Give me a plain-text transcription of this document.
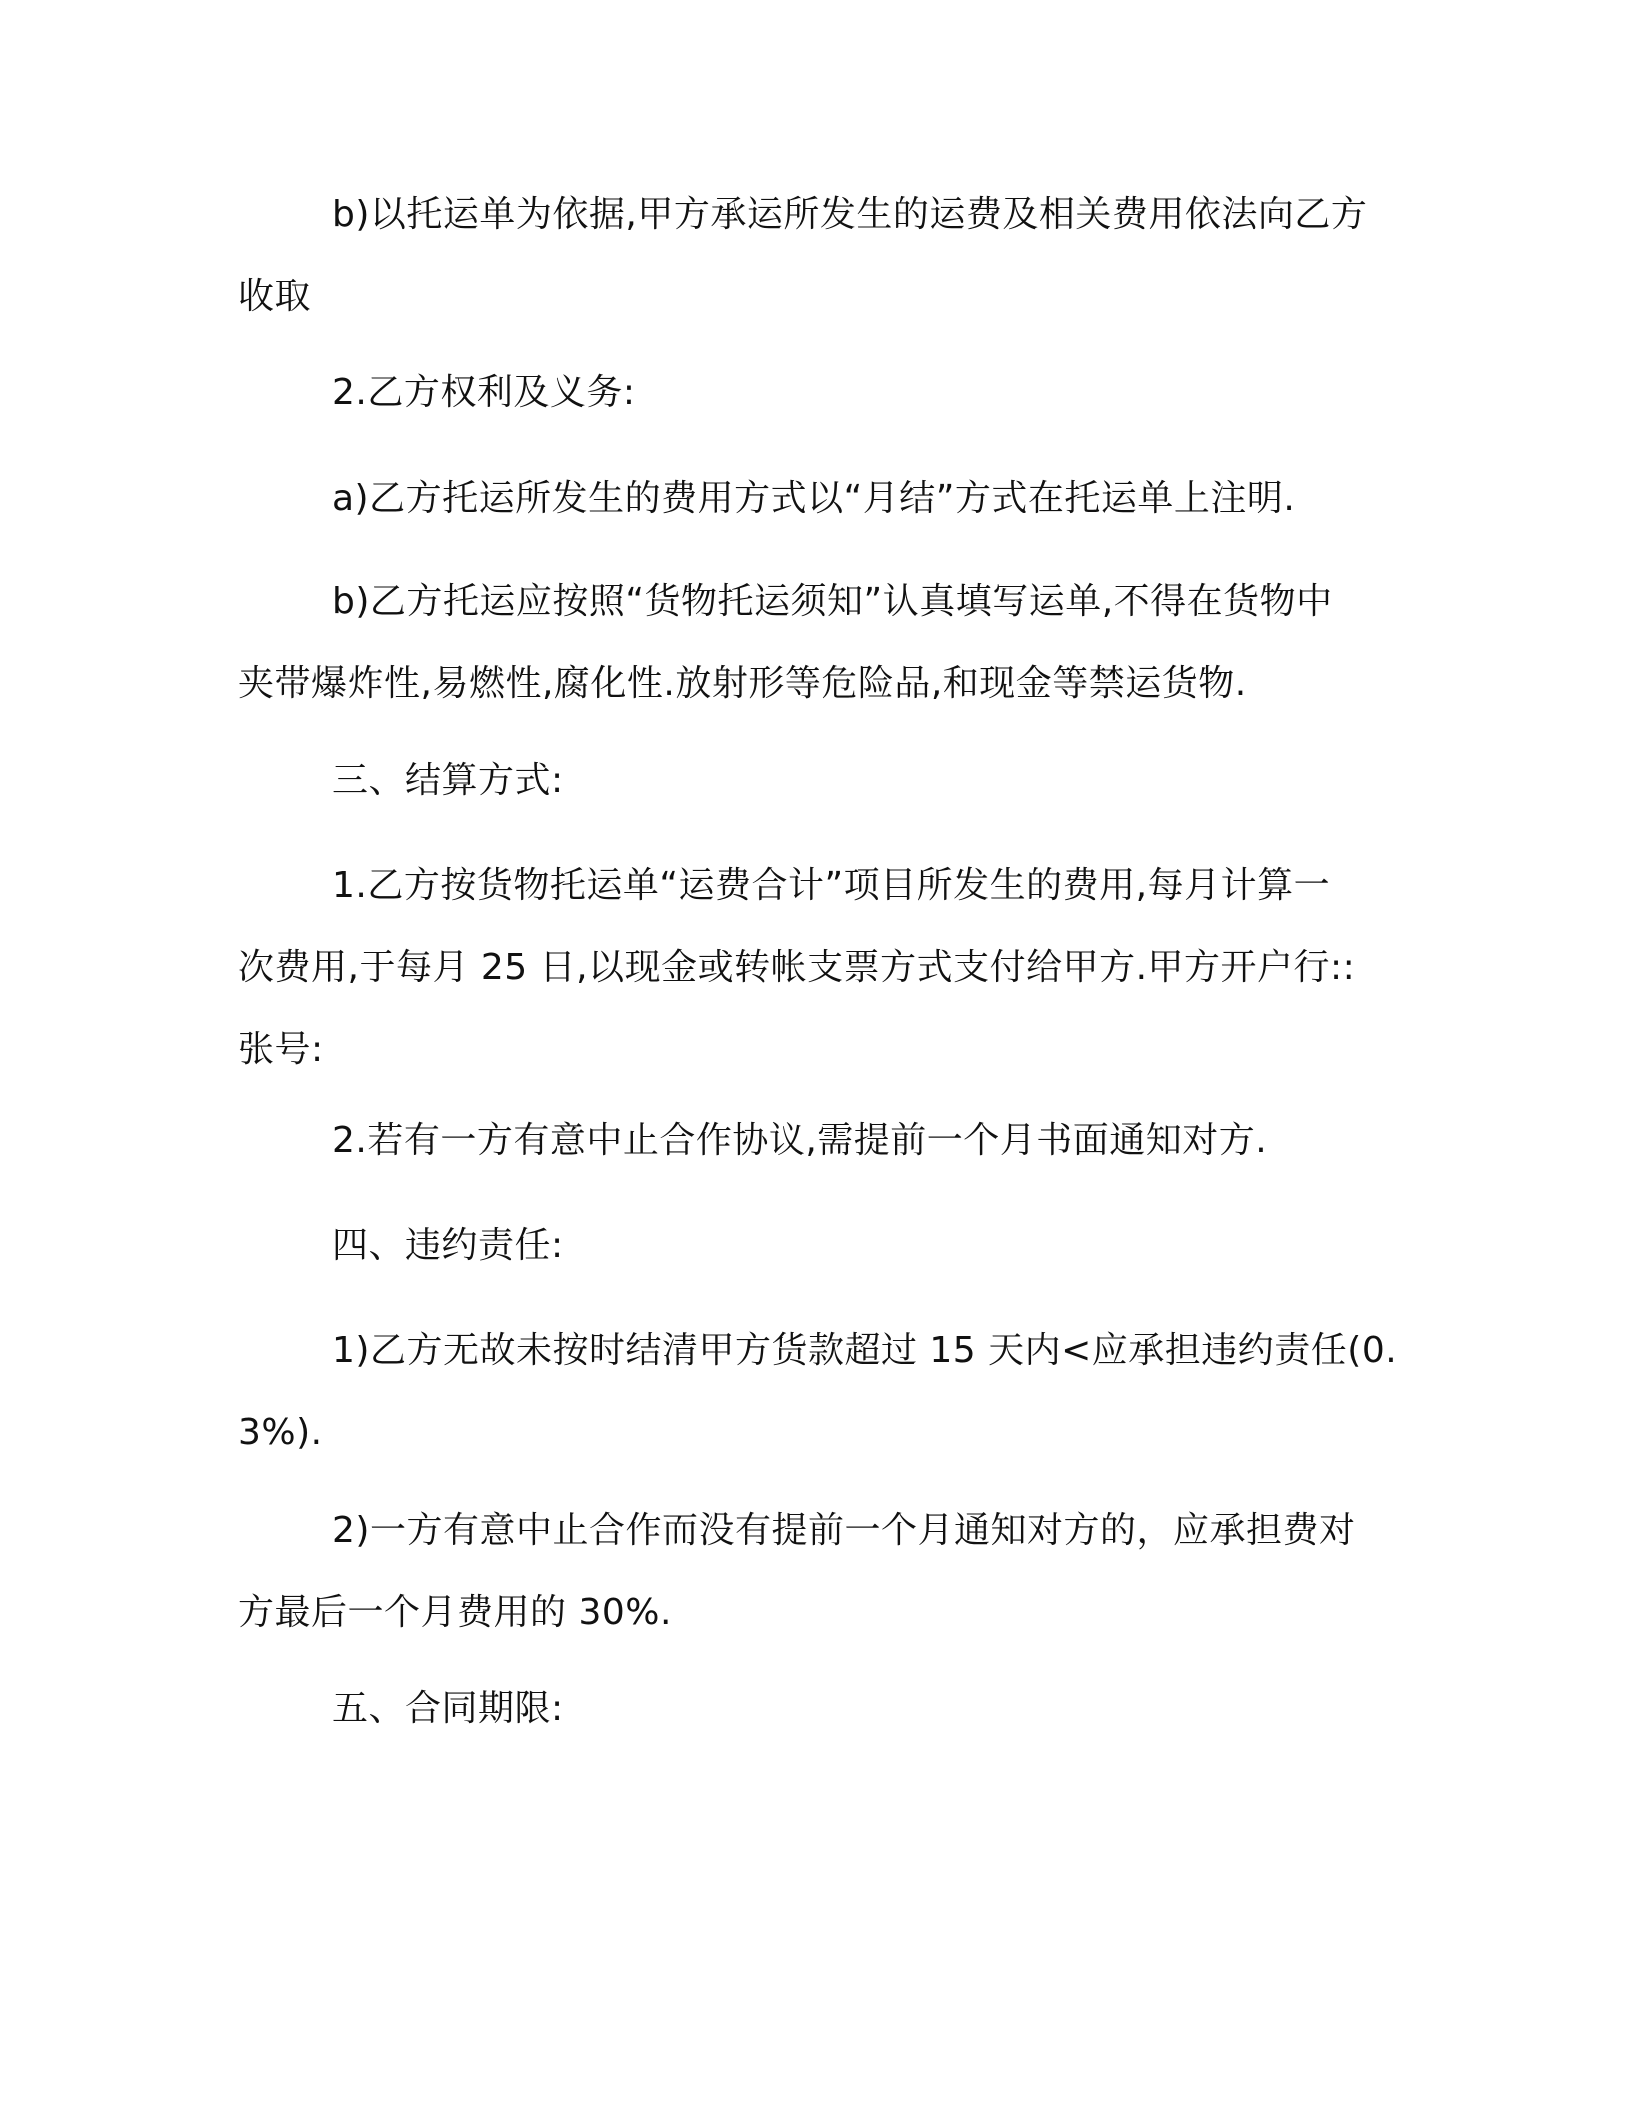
b)以托运单为依据,甲方承运所发生的运费及相关费用依法向乙方
收取
2.乙方权利及义务:
a)乙方托运所发生的费用方式以“月结”方式在托运单上注明.
b)乙方托运应按照“货物托运须知”认真填写运单,不得在货物中
夹带爆炸性,易燃性,腐化性.放射形等危险品,和现金等禁运货物.
三、结算方式:
1.乙方按货物托运单“运费合计”项目所发生的费用,每月计算一
次费用,于每月 25 日,以现金或转帐支票方式支付给甲方.甲方开户行::
张号:
2.若有一方有意中止合作协议,需提前一个月书面通知对方.
四、违约责任:
1)乙方无故未按时结清甲方货款超过 15 天内<应承担违约责任(0.
3%).
2)一方有意中止合作而没有提前一个月通知对方的，应承担费对
方最后一个月费用的 30%.
五、合同期限:
